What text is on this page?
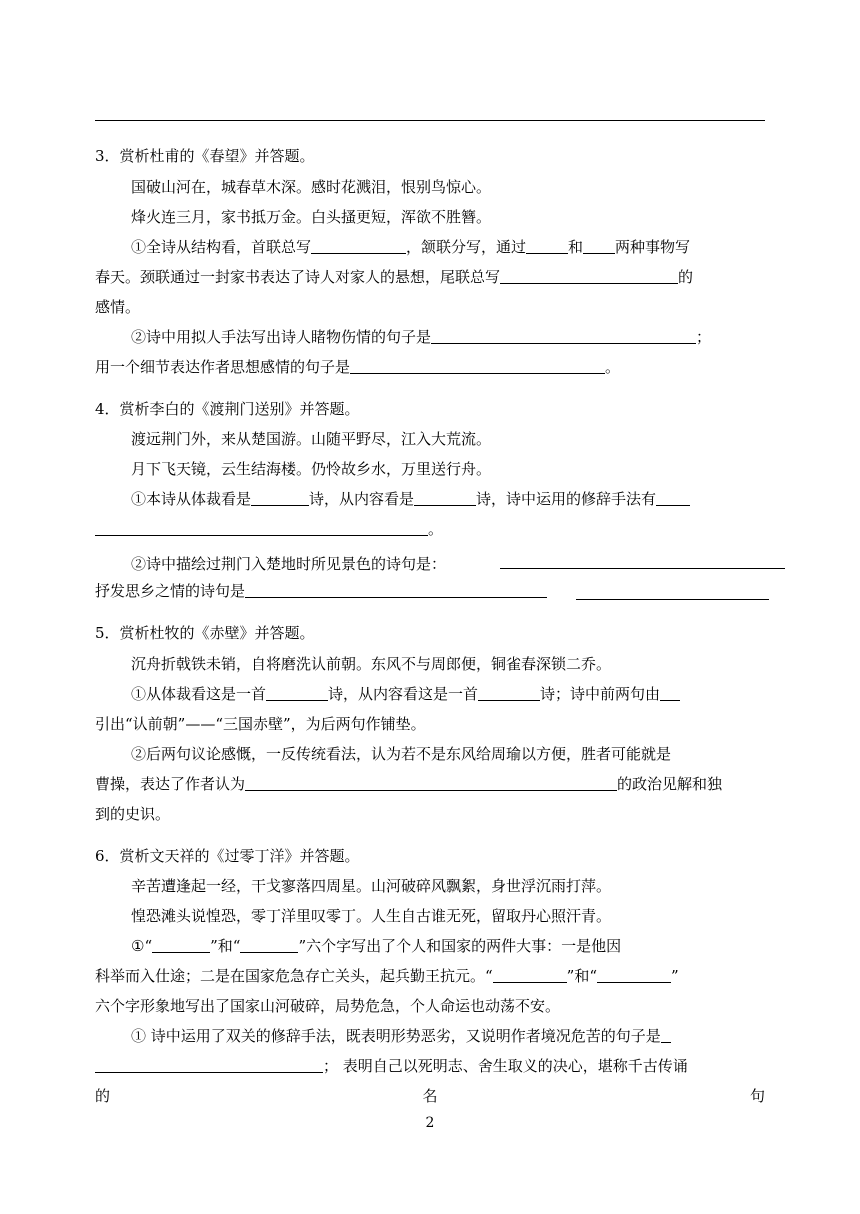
3．赏析杜甫的《春望》并答题。
国破山河在，城春草木深。感时花溅泪，恨别鸟惊心。
烽火连三月，家书抵万金。白头搔更短，浑欲不胜簪。
①全诗从结构看，首联总写	，颔联分写，通过	和 两种事物写
春天。颈联通过一封家书表达了诗人对家人的悬想，尾联总写	的
感情。
②诗中用拟人手法写出诗人睹物伤情的句子是	；
用一个细节表达作者思想感情的句子是	。
4．赏析李白的《渡荆门送别》并答题。
渡远荆门外，来从楚国游。山随平野尽，江入大荒流。
月下飞天镜，云生结海楼。仍怜故乡水，万里送行舟。
①本诗从体裁看是	诗，从内容看是	诗，诗中运用的修辞手法有
。
②诗中描绘过荆门入楚地时所见景色的诗句是：
抒发思乡之情的诗句是
5．赏析杜牧的《赤壁》并答题。
沉舟折戟铁未销，自将磨洗认前朝。东风不与周郎便，铜雀春深锁二乔。
①从体裁看这是一首	诗，从内容看这是一首	诗；诗中前两句由
引出“认前朝”——“三国赤壁”，为后两句作铺垫。
②后两句议论感慨，一反传统看法，认为若不是东风给周瑜以方便，胜者可能就是
曹操，表达了作者认为	的政治见解和独
到的史识。
6．赏析文天祥的《过零丁洋》并答题。
辛苦遭逢起一经，干戈寥落四周星。山河破碎风飘絮，身世浮沉雨打萍。
惶恐滩头说惶恐，零丁洋里叹零丁。人生自古谁无死，留取丹心照汗青。
①“	”和“	”六个字写出了个人和国家的两件大事：一是他因
科举而入仕途；二是在国家危急存亡关头，起兵勤王抗元。“	”和“	”
六个字形象地写出了国家山河破碎，局势危急，个人命运也动荡不安。
① 诗中运用了双关的修辞手法，既表明形势恶劣，又说明作者境况危苦的句子是
； 表明自己以死明志、舍生取义的决心，堪称千古传诵
的	名	句
2
